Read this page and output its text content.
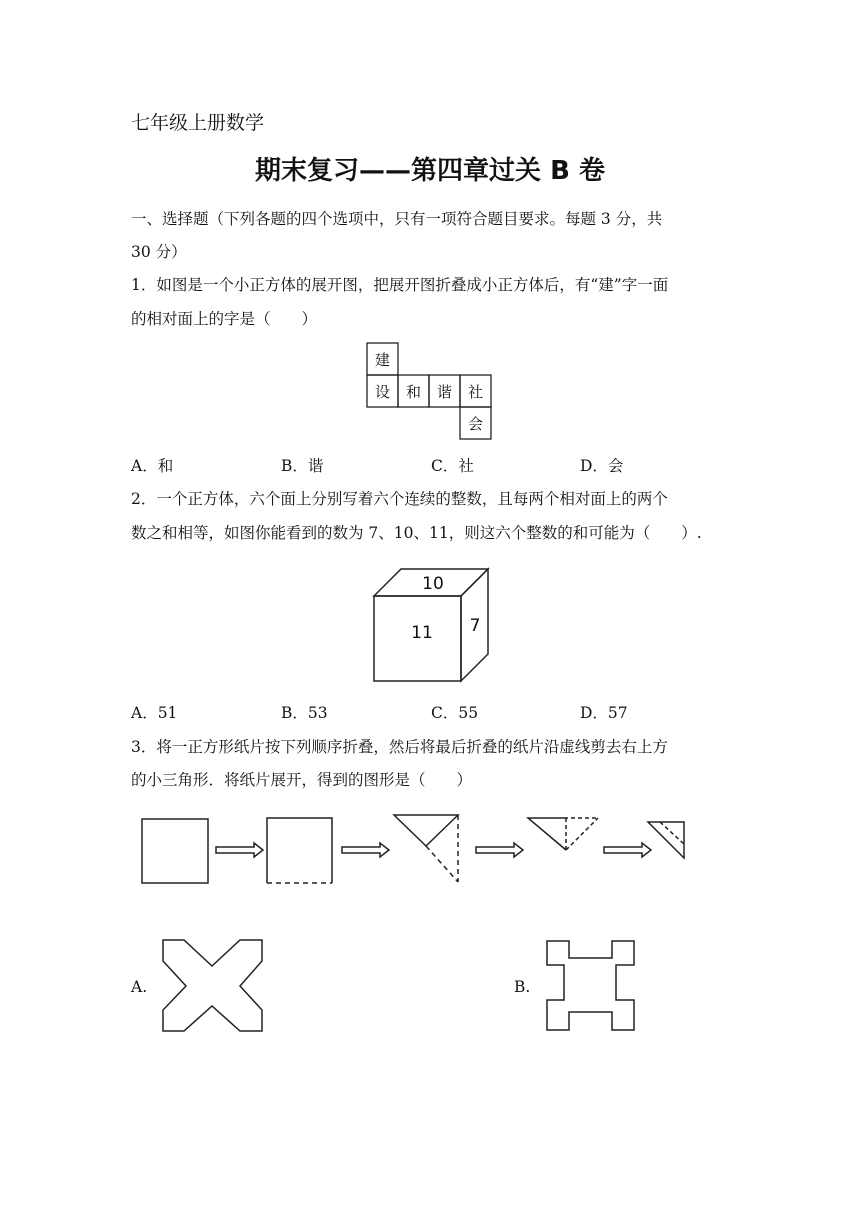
七年级上册数学
期末复习——第四章过关 B 卷
一、选择题（下列各题的四个选项中，只有一项符合题目要求。每题 3 分，共
30 分）
1．如图是一个小正方体的展开图，把展开图折叠成小正方体后，有“建”字一面
的相对面上的字是（　　）
建
设 和 谐 社
会
A．和	B．谐	C．社	D．会
2．一个正方体，六个面上分别写着六个连续的整数，且每两个相对面上的两个
数之和相等，如图你能看到的数为 7、10、11，则这六个整数的和可能为（　　）.
10
11 7
A．51	B．53	C．55	D．57
3．将一正方形纸片按下列顺序折叠，然后将最后折叠的纸片沿虚线剪去右上方
的小三角形．将纸片展开，得到的图形是（　　）
A.	B.
